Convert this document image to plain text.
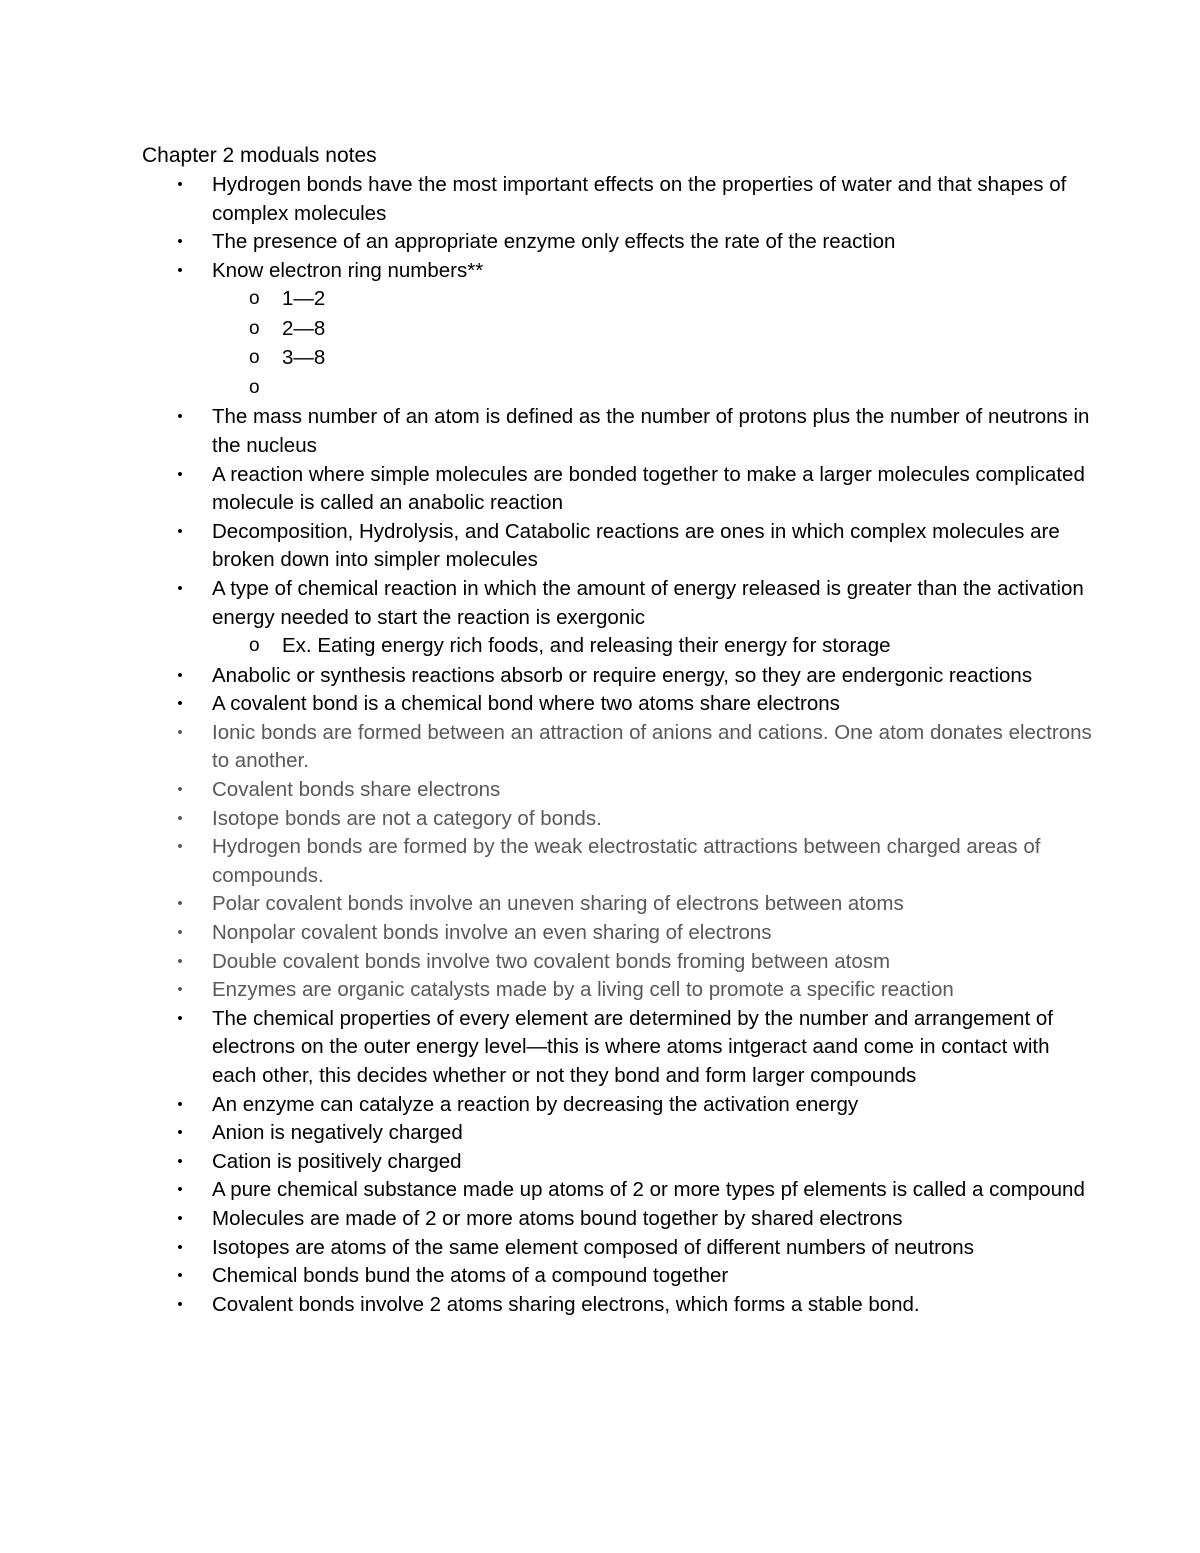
Chapter 2 moduals notes
• Hydrogen bonds have the most important effects on the properties of water and that shapes of complex molecules
• The presence of an appropriate enzyme only effects the rate of the reaction
• Know electron ring numbers**
o 1—2
o 2—8
o 3—8
o
• The mass number of an atom is defined as the number of protons plus the number of neutrons in the nucleus
• A reaction where simple molecules are bonded together to make a larger molecules complicated molecule is called an anabolic reaction
• Decomposition, Hydrolysis, and Catabolic reactions are ones in which complex molecules are broken down into simpler molecules
• A type of chemical reaction in which the amount of energy released is greater than the activation energy needed to start the reaction is exergonic
o Ex. Eating energy rich foods, and releasing their energy for storage
• Anabolic or synthesis reactions absorb or require energy, so they are endergonic reactions
• A covalent bond is a chemical bond where two atoms share electrons
• Ionic bonds are formed between an attraction of anions and cations. One atom donates electrons to another.
• Covalent bonds share electrons
• Isotope bonds are not a category of bonds.
• Hydrogen bonds are formed by the weak electrostatic attractions between charged areas of compounds.
• Polar covalent bonds involve an uneven sharing of electrons between atoms
• Nonpolar covalent bonds involve an even sharing of electrons
• Double covalent bonds involve two covalent bonds froming between atosm
• Enzymes are organic catalysts made by a living cell to promote a specific reaction
• The chemical properties of every element are determined by the number and arrangement of electrons on the outer energy level—this is where atoms intgeract aand come in contact with each other, this decides whether or not they bond and form larger compounds
• An enzyme can catalyze a reaction by decreasing the activation energy
• Anion is negatively charged
• Cation is positively charged
• A pure chemical substance made up atoms of 2 or more types pf elements is called a compound
• Molecules are made of 2 or more atoms bound together by shared electrons
• Isotopes are atoms of the same element composed of different numbers of neutrons
• Chemical bonds bund the atoms of a compound together
• Covalent bonds involve 2 atoms sharing electrons, which forms a stable bond.
